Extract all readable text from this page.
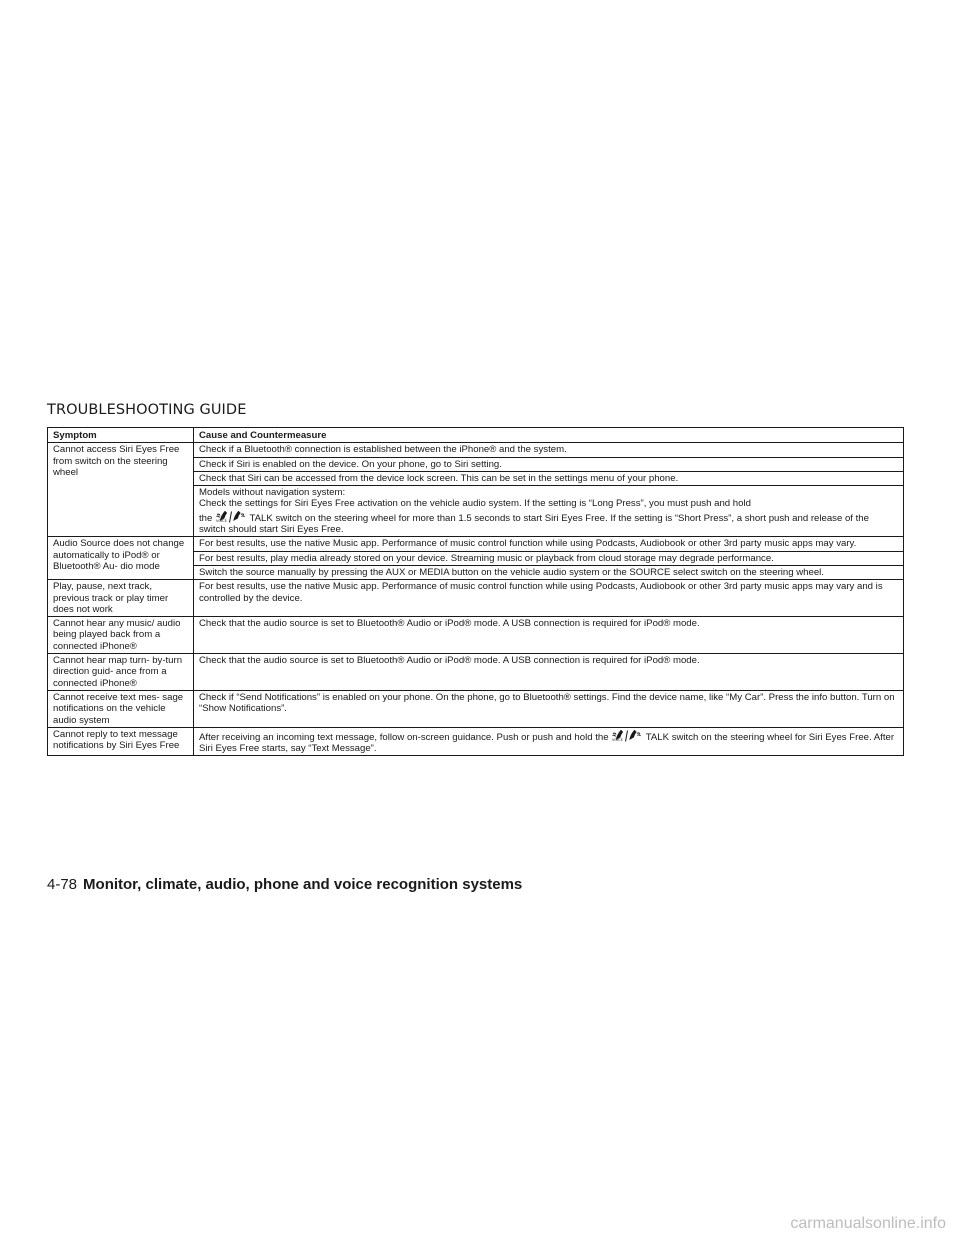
TROUBLESHOOTING GUIDE
Symptom	Cause and Countermeasure
Cannot access Siri Eyes Free from switch on the steering wheel	Check if a Bluetooth® connection is established between the iPhone® and the system.
	Check if Siri is enabled on the device. On your phone, go to Siri setting.
	Check that Siri can be accessed from the device lock screen. This can be set in the settings menu of your phone.
	Models without navigation system:
Check the settings for Siri Eyes Free activation on the vehicle audio system. If the setting is “Long Press”, you must push and hold
the VOICE TALK switch on the steering wheel for more than 1.5 seconds to start Siri Eyes Free. If the setting is “Short Press”, a short push and release of the switch should start Siri Eyes Free.
Audio Source does not change automatically to iPod® or Bluetooth® Au- dio mode	For best results, use the native Music app. Performance of music control function while using Podcasts, Audiobook or other 3rd party music apps may vary.
	For best results, play media already stored on your device. Streaming music or playback from cloud storage may degrade performance.
	Switch the source manually by pressing the AUX or MEDIA button on the vehicle audio system or the SOURCE select switch on the steering wheel.
Play, pause, next track, previous track or play timer does not work	For best results, use the native Music app. Performance of music control function while using Podcasts, Audiobook or other 3rd party music apps may vary and is controlled by the device.
Cannot hear any music/ audio being played back from a connected iPhone®	Check that the audio source is set to Bluetooth® Audio or iPod® mode. A USB connection is required for iPod® mode.
Cannot hear map turn- by-turn direction guid- ance from a connected iPhone®	Check that the audio source is set to Bluetooth® Audio or iPod® mode. A USB connection is required for iPod® mode.
Cannot receive text mes- sage notifications on the vehicle audio system	Check if “Send Notifications” is enabled on your phone. On the phone, go to Bluetooth® settings. Find the device name, like “My Car”. Press the info button. Turn on “Show Notifications”.
Cannot reply to text message notifications by Siri Eyes Free	After receiving an incoming text message, follow on-screen guidance. Push or push and hold the VOICE TALK switch on the steering wheel for Siri Eyes Free. After Siri Eyes Free starts, say “Text Message”.
4-78 Monitor, climate, audio, phone and voice recognition systems
carmanualsonline.info
